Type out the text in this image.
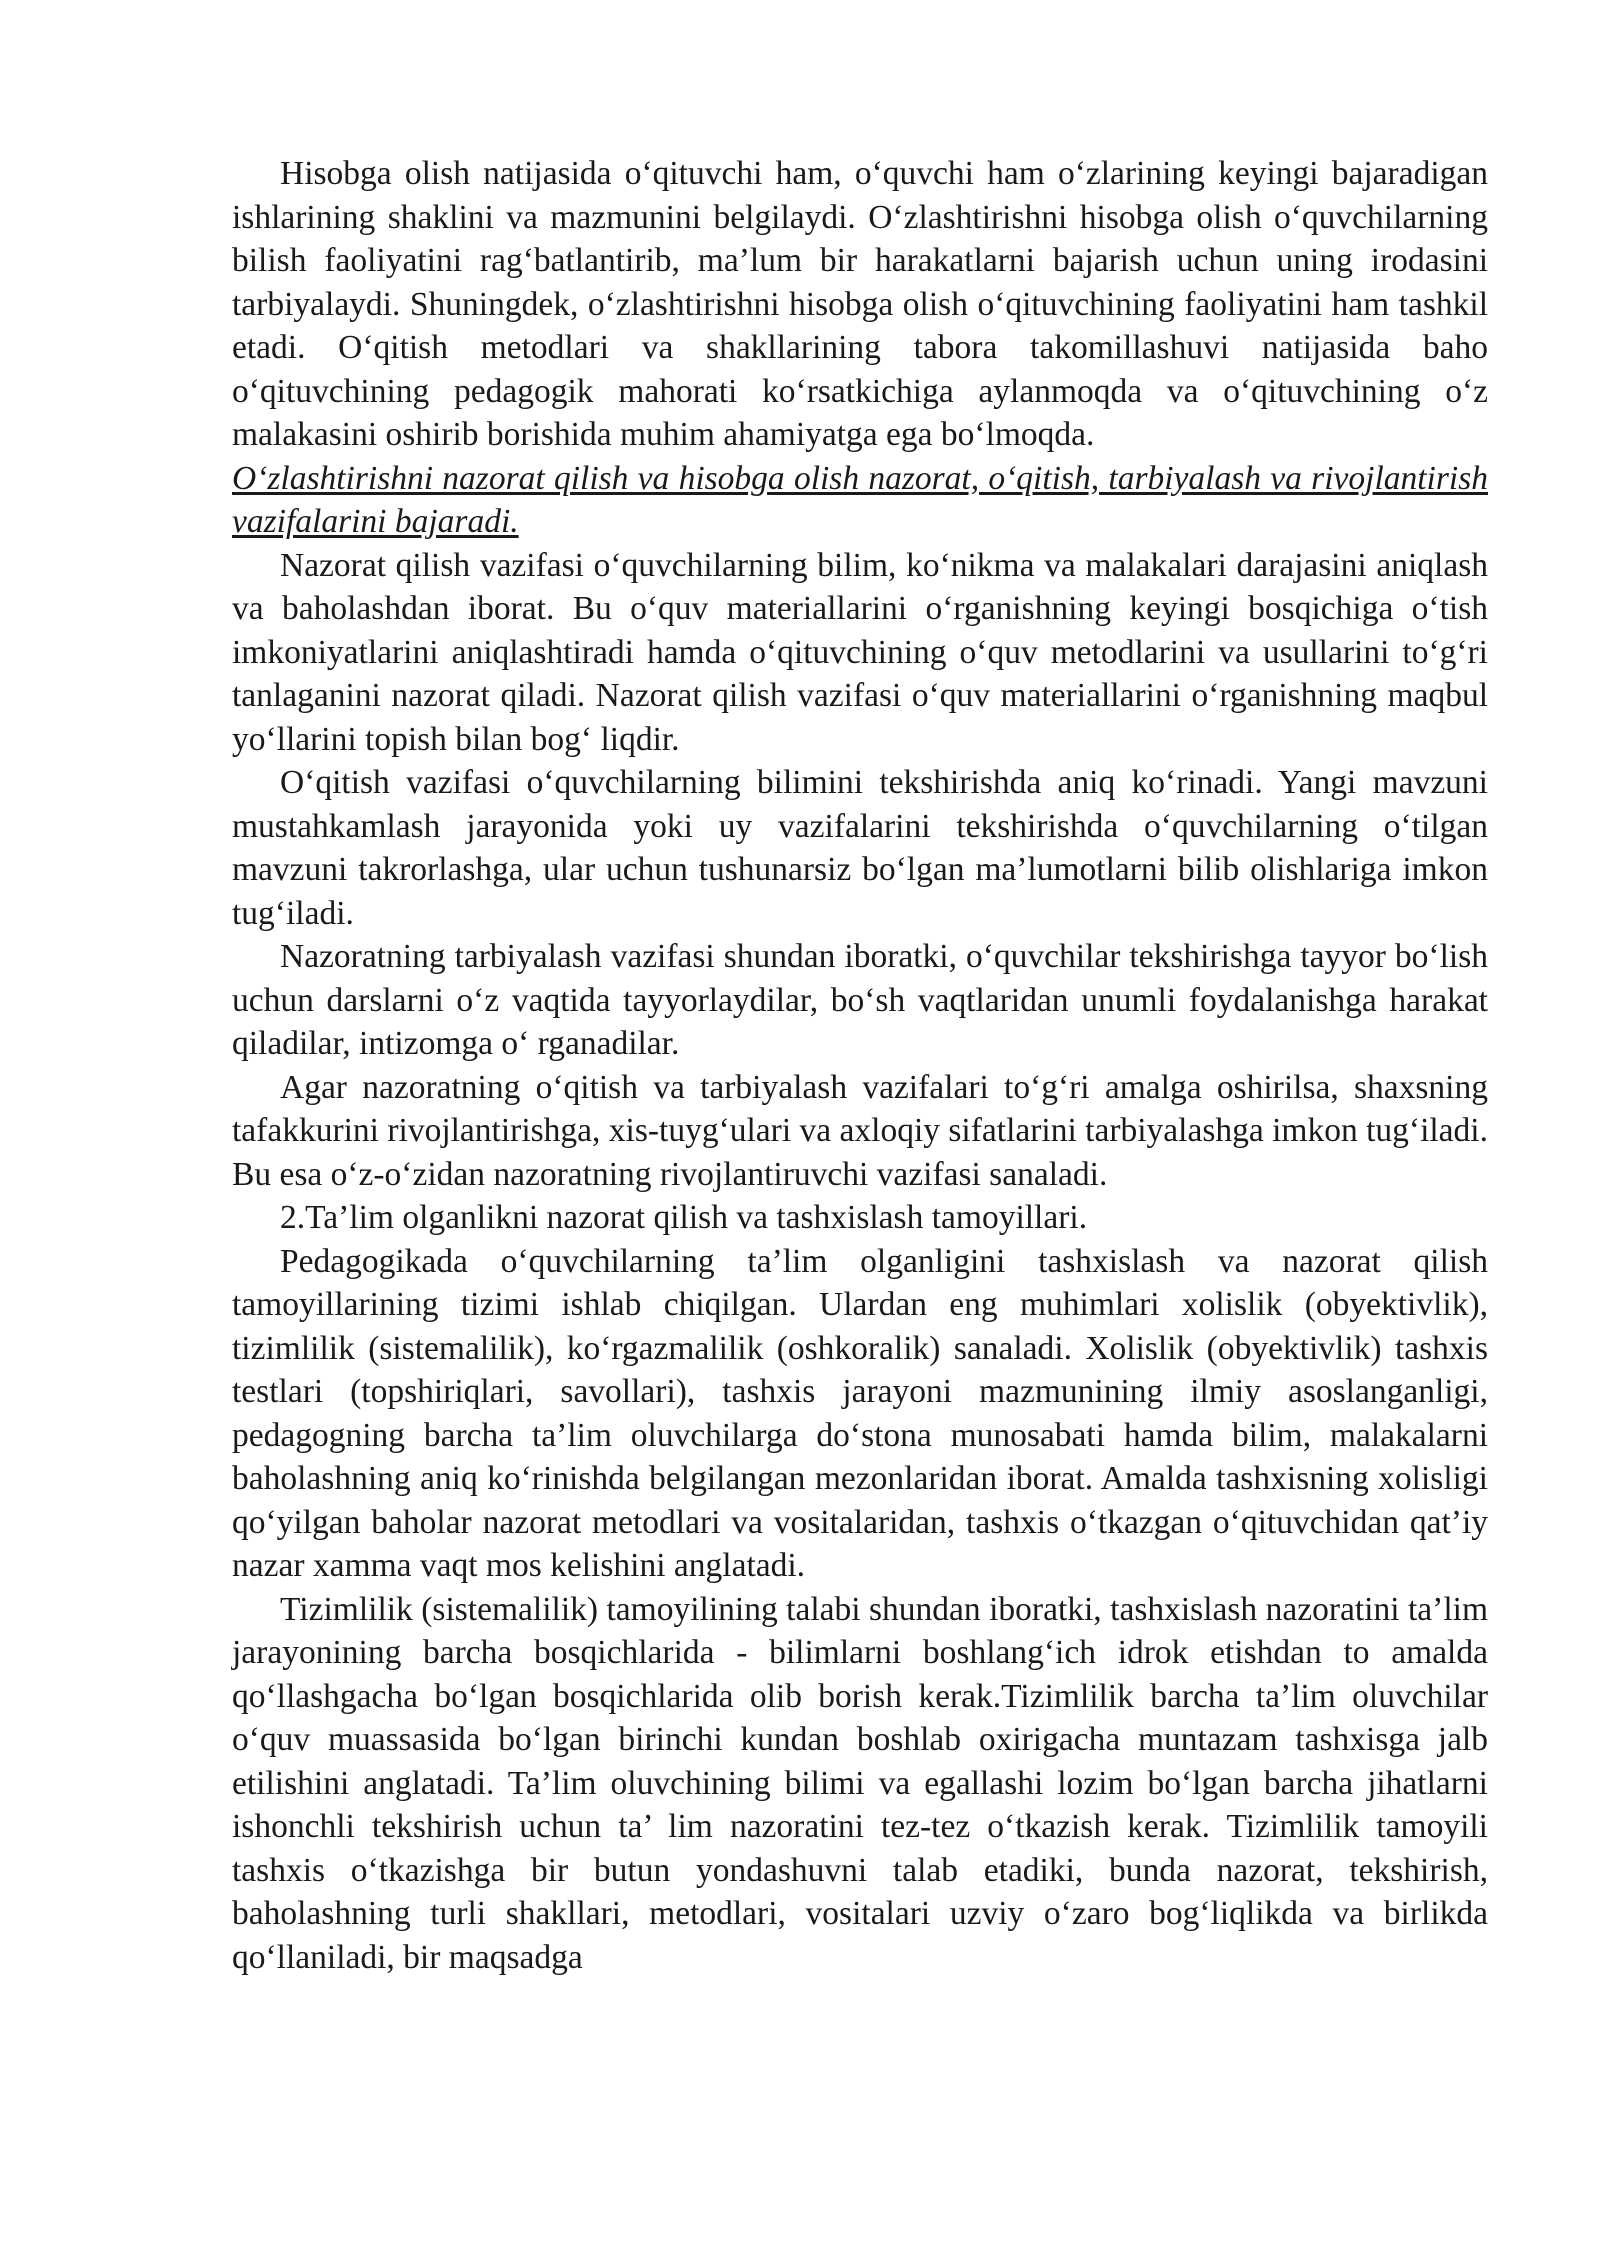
Hisobga olish natijasida o‘qituvchi ham, o‘quvchi ham o‘zlarining keyingi bajaradigan ishlarining shaklini va mazmunini belgilaydi. O‘zlashtirishni hisobga olish o‘quvchilarning bilish faoliyatini rag‘batlantirib, ma’lum bir harakatlarni bajarish uchun uning irodasini tarbiyalaydi. Shuningdek, o‘zlashtirishni hisobga olish o‘qituvchining faoliyatini ham tashkil etadi. O‘qitish metodlari va shakllarining tabora takomillashuvi natijasida baho o‘qituvchining pedagogik mahorati ko‘rsatkichiga aylanmoqda va o‘qituvchining o‘z malakasini oshirib borishida muhim ahamiyatga ega bo‘lmoqda.

O‘zlashtirishni nazorat qilish va hisobga olish nazorat, o‘qitish, tarbiyalash va rivojlantirish vazifalarini bajaradi.

Nazorat qilish vazifasi o‘quvchilarning bilim, ko‘nikma va malakalari darajasini aniqlash va baholashdan iborat. Bu o‘quv materiallarini o‘rganishning keyingi bosqichiga o‘tish imkoniyatlarini aniqlashtiradi hamda o‘qituvchining o‘quv metodlarini va usullarini to‘g‘ri tanlaganini nazorat qiladi. Nazorat qilish vazifasi o‘quv materiallarini o‘rganishning maqbul yo‘llarini topish bilan bog‘ liqdir.

O‘qitish vazifasi o‘quvchilarning bilimini tekshirishda aniq ko‘rinadi. Yangi mavzuni mustahkamlash jarayonida yoki uy vazifalarini tekshirishda o‘quvchilarning o‘tilgan mavzuni takrorlashga, ular uchun tushunarsiz bo‘lgan ma’lumotlarni bilib olishlariga imkon tug‘iladi.

Nazoratning tarbiyalash vazifasi shundan iboratki, o‘quvchilar tekshirishga tayyor bo‘lish uchun darslarni o‘z vaqtida tayyorlaydilar, bo‘sh vaqtlaridan unumli foydalanishga harakat qiladilar, intizomga o‘ rganadilar.

Agar nazoratning o‘qitish va tarbiyalash vazifalari to‘g‘ri amalga oshirilsa, shaxsning tafakkurini rivojlantirishga, xis-tuyg‘ulari va axloqiy sifatlarini tarbiyalashga imkon tug‘iladi. Bu esa o‘z-o‘zidan nazoratning rivojlantiruvchi vazifasi sanaladi.

2.Ta’lim olganlikni nazorat qilish va tashxislash tamoyillari.

Pedagogikada o‘quvchilarning ta’lim olganligini tashxislash va nazorat qilish tamoyillarining tizimi ishlab chiqilgan. Ulardan eng muhimlari xolislik (obyektivlik), tizimlilik (sistemalilik), ko‘rgazmalilik (oshkoralik) sanaladi. Xolislik (obyektivlik) tashxis testlari (topshiriqlari, savollari), tashxis jarayoni mazmunining ilmiy asoslanganligi, pedagogning barcha ta’lim oluvchilarga do‘stona munosabati hamda bilim, malakalarni baholashning aniq ko‘rinishda belgilangan mezonlaridan iborat. Amalda tashxisning xolisligi qo‘yilgan baholar nazorat metodlari va vositalaridan, tashxis o‘tkazgan o‘qituvchidan qat’iy nazar xamma vaqt mos kelishini anglatadi.

Tizimlilik (sistemalilik) tamoyilining talabi shundan iboratki, tashxislash nazoratini ta’lim jarayonining barcha bosqichlarida - bilimlarni boshlang‘ich idrok etishdan to amalda qo‘llashgacha bo‘lgan bosqichlarida olib borish kerak.Tizimlilik barcha ta’lim oluvchilar o‘quv muassasida bo‘lgan birinchi kundan boshlab oxirigacha muntazam tashxisga jalb etilishini anglatadi. Ta’lim oluvchining bilimi va egallashi lozim bo‘lgan barcha jihatlarni ishonchli tekshirish uchun ta’ lim nazoratini tez-tez o‘tkazish kerak. Tizimlilik tamoyili tashxis o‘tkazishga bir butun yondashuvni talab etadiki, bunda nazorat, tekshirish, baholashning turli shakllari, metodlari, vositalari uzviy o‘zaro bog‘liqlikda va birlikda qo‘llaniladi, bir maqsadga
